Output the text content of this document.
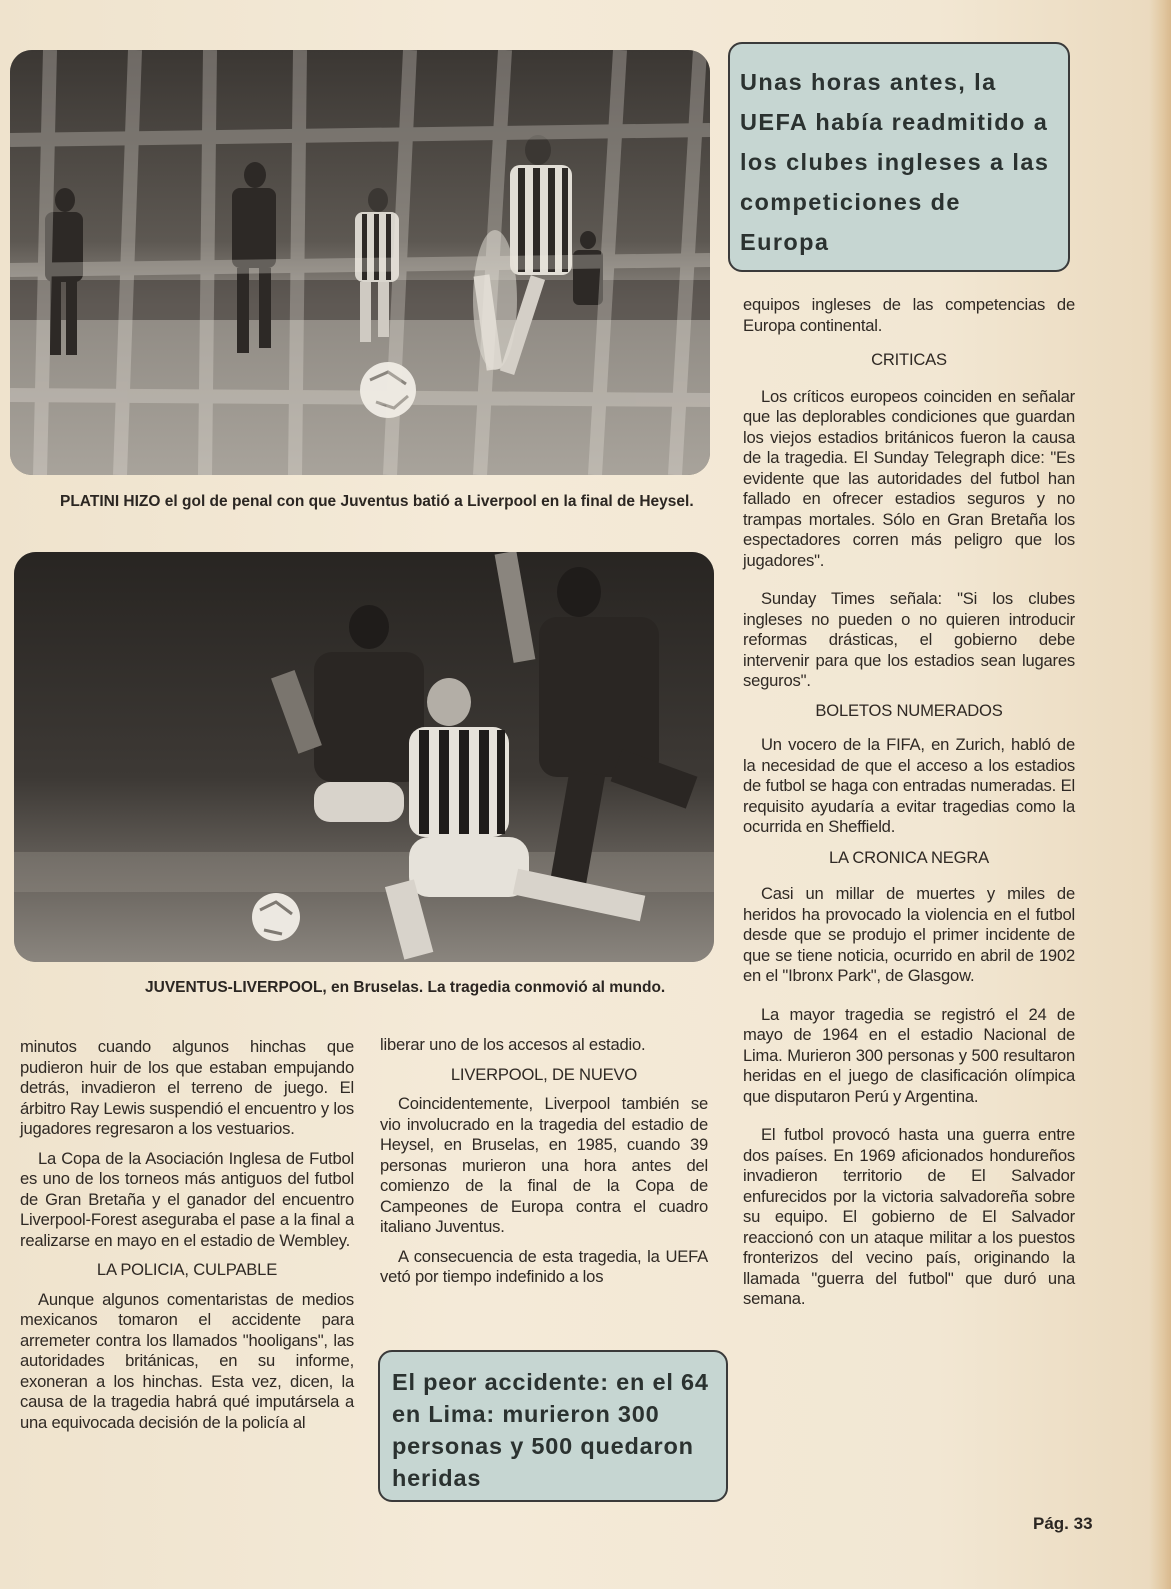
PLATINI HIZO el gol de penal con que Juventus batió a Liverpool en la final de Heysel.
JUVENTUS-LIVERPOOL, en Bruselas. La tragedia conmovió al mundo.
Unas horas antes, la UEFA había readmitido a los clubes ingleses a las competiciones de Europa
El peor accidente: en el 64 en Lima: murieron 300 personas y 500 quedaron heridas

minutos cuando algunos hinchas que pudieron huir de los que estaban empujando detrás, invadieron el terreno de juego. El árbitro Ray Lewis suspendió el encuentro y los jugadores regresaron a los vestuarios.

La Copa de la Asociación Inglesa de Futbol es uno de los torneos más antiguos del futbol de Gran Bretaña y el ganador del encuentro Liverpool-Forest aseguraba el pase a la final a realizarse en mayo en el estadio de Wembley.

LA POLICIA, CULPABLE

Aunque algunos comentaristas de medios mexicanos tomaron el accidente para arremeter contra los llamados "hooligans", las autoridades británicas, en su informe, exoneran a los hinchas. Esta vez, dicen, la causa de la tragedia habrá qué imputársela a una equivocada decisión de la policía al

liberar uno de los accesos al estadio.

LIVERPOOL, DE NUEVO

Coincidentemente, Liverpool también se vio involucrado en la tragedia del estadio de Heysel, en Bruselas, en 1985, cuando 39 personas murieron una hora antes del comienzo de la final de la Copa de Campeones de Europa contra el cuadro italiano Juventus.

A consecuencia de esta tragedia, la UEFA vetó por tiempo indefinido a los

equipos ingleses de las competencias de Europa continental.

CRITICAS

Los críticos europeos coinciden en señalar que las deplorables condiciones que guardan los viejos estadios británicos fueron la causa de la tragedia. El Sunday Telegraph dice: "Es evidente que las autoridades del futbol han fallado en ofrecer estadios seguros y no trampas mortales. Sólo en Gran Bretaña los espectadores corren más peligro que los jugadores".

Sunday Times señala: "Si los clubes ingleses no pueden o no quieren introducir reformas drásticas, el gobierno debe intervenir para que los estadios sean lugares seguros".

BOLETOS NUMERADOS

Un vocero de la FIFA, en Zurich, habló de la necesidad de que el acceso a los estadios de futbol se haga con entradas numeradas. El requisito ayudaría a evitar tragedias como la ocurrida en Sheffield.

LA CRONICA NEGRA

Casi un millar de muertes y miles de heridos ha provocado la violencia en el futbol desde que se produjo el primer incidente de que se tiene noticia, ocurrido en abril de 1902 en el "Ibronx Park", de Glasgow.

La mayor tragedia se registró el 24 de mayo de 1964 en el estadio Nacional de Lima. Murieron 300 personas y 500 resultaron heridas en el juego de clasificación olímpica que disputaron Perú y Argentina.

El futbol provocó hasta una guerra entre dos países. En 1969 aficionados hondureños invadieron territorio de El Salvador enfurecidos por la victoria salvadoreña sobre su equipo. El gobierno de El Salvador reaccionó con un ataque militar a los puestos fronterizos del vecino país, originando la llamada "guerra del futbol" que duró una semana.

Pág. 33
